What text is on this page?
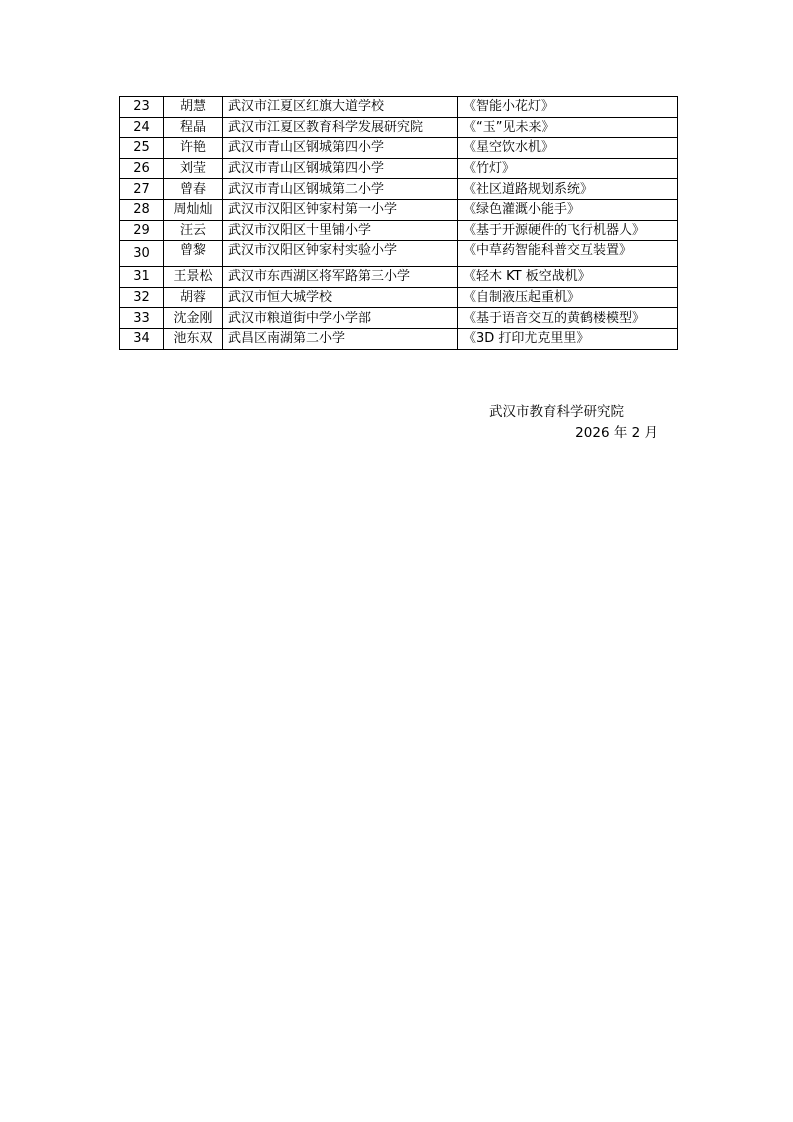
23	胡慧	武汉市江夏区红旗大道学校	《智能小花灯》
24	程晶	武汉市江夏区教育科学发展研究院	《“玉”见未来》
25	许艳	武汉市青山区钢城第四小学	《星空饮水机》
26	刘莹	武汉市青山区钢城第四小学	《竹灯》
27	曾春	武汉市青山区钢城第二小学	《社区道路规划系统》
28	周灿灿	武汉市汉阳区钟家村第一小学	《绿色灌溉小能手》
29	汪云	武汉市汉阳区十里铺小学	《基于开源硬件的飞行机器人》
30	曾黎	武汉市汉阳区钟家村实验小学	《中草药智能科普交互装置》
31	王景松	武汉市东西湖区将军路第三小学	《轻木 KT 板空战机》
32	胡蓉	武汉市恒大城学校	《自制液压起重机》
33	沈金刚	武汉市粮道街中学小学部	《基于语音交互的黄鹤楼模型》
34	池东双	武昌区南湖第二小学	《3D 打印尤克里里》
武汉市教育科学研究院
2026 年 2 月
